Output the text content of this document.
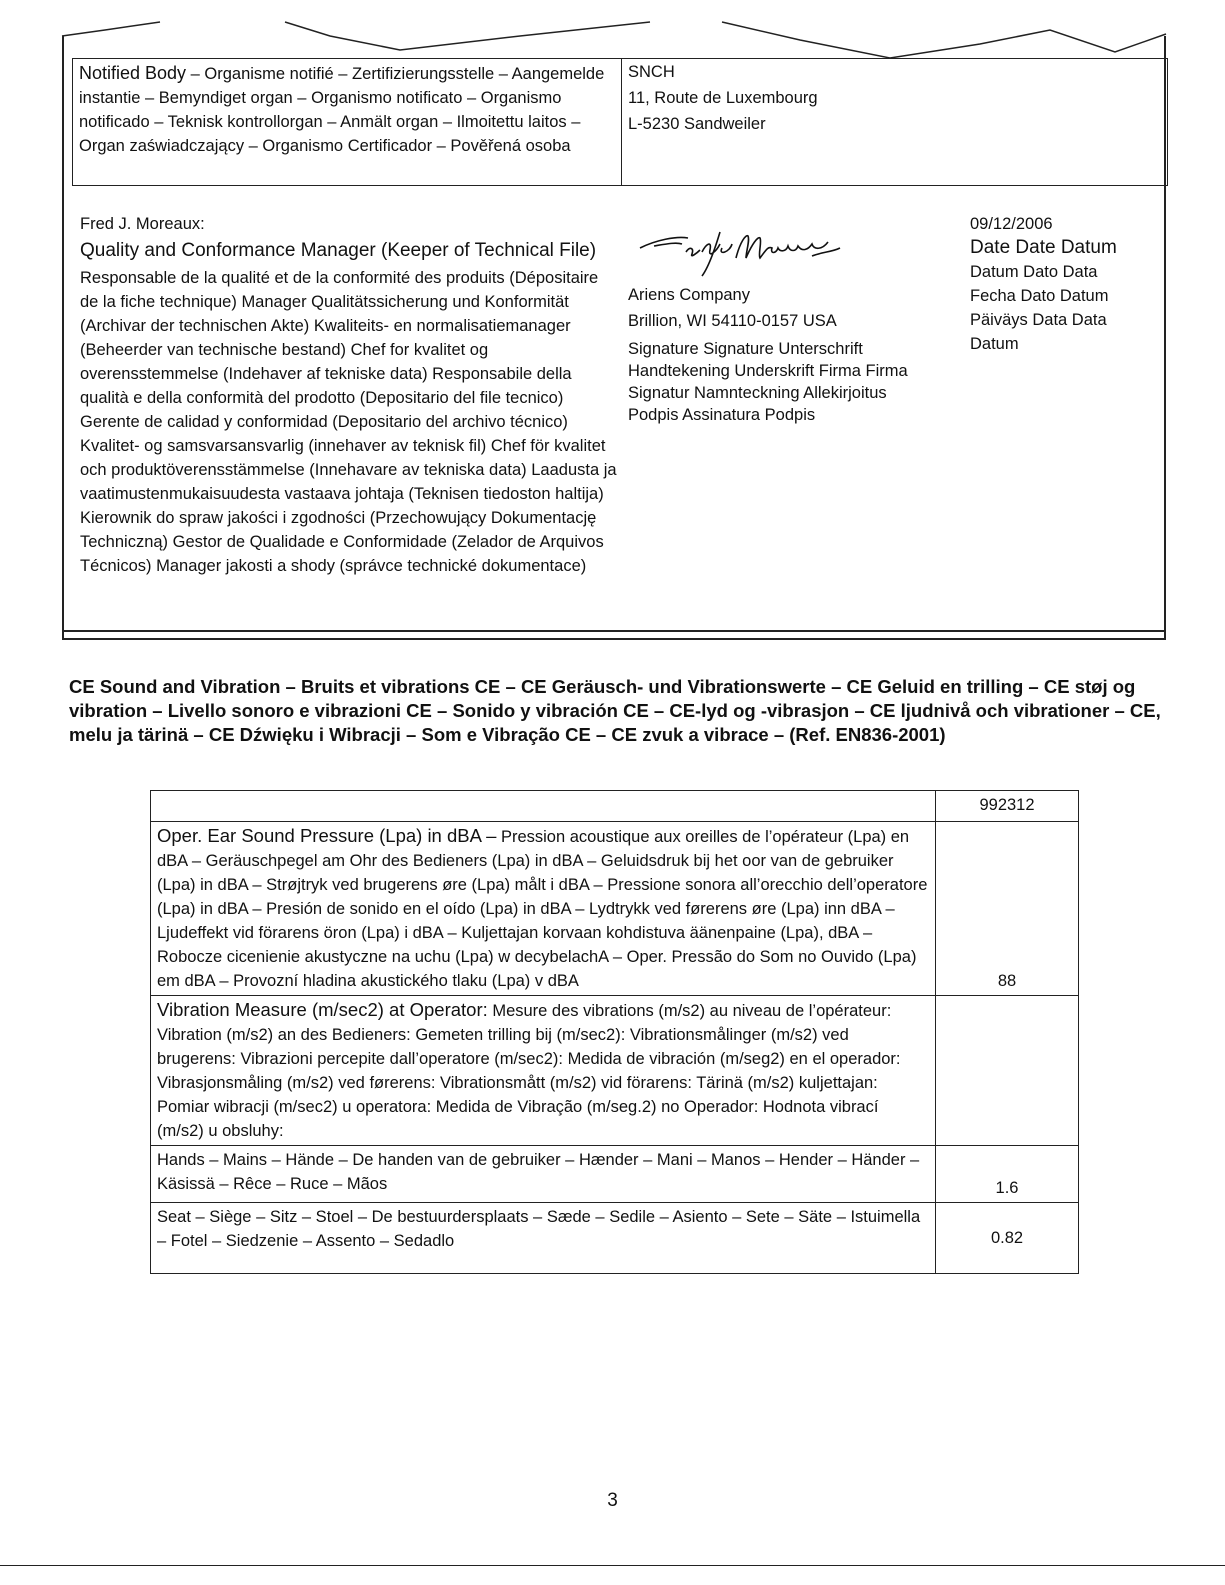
Notified Body – Organisme notifié – Zertifizierungsstelle – Aangemelde instantie – Bemyndiget organ – Organismo notificato – Organismo notificado – Teknisk kontrollorgan – Anmält organ – Ilmoitettu laitos – Organ zaświadczający – Organismo Certificador – Pověřená osoba
SNCH
11, Route de Luxembourg
L-5230 Sandweiler
Fred J. Moreaux:
Quality and Conformance Manager (Keeper of Technical File)
Responsable de la qualité et de la conformité des produits (Dépositaire de la fiche technique) Manager Qualitätssicherung und Konformität (Archivar der technischen Akte) Kwaliteits- en normalisatiemanager (Beheerder van technische bestand) Chef for kvalitet og overensstemmelse (Indehaver af tekniske data) Responsabile della qualità e della conformità del prodotto (Depositario del file tecnico) Gerente de calidad y conformidad (Depositario del archivo técnico) Kvalitet- og samsvarsansvarlig (innehaver av teknisk fil) Chef för kvalitet och produktöverensstämmelse (Innehavare av tekniska data) Laadusta ja vaatimustenmukaisuudesta vastaava johtaja (Teknisen tiedoston haltija) Kierownik do spraw jakości i zgodności (Przechowujący Dokumentację Techniczną) Gestor de Qualidade e Conformidade (Zelador de Arquivos Técnicos) Manager jakosti a shody (správce technické dokumentace)
Ariens Company
Brillion, WI 54110-0157 USA
Signature Signature Unterschrift
Handtekening Underskrift Firma Firma
Signatur Namnteckning Allekirjoitus
Podpis Assinatura Podpis
09/12/2006
Date Date Datum
Datum Dato Data
Fecha Dato Datum
Päiväys Data Data
Datum
CE Sound and Vibration – Bruits et vibrations CE – CE Geräusch- und Vibrationswerte – CE Geluid en trilling – CE støj og vibration – Livello sonoro e vibrazioni CE – Sonido y vibración CE – CE-lyd og -vibrasjon – CE ljudnivå och vibrationer – CE, melu ja tärinä – CE Dźwięku i Wibracji – Som e Vibração CE – CE zvuk a vibrace – (Ref. EN836-2001)
	992312
Oper. Ear Sound Pressure (Lpa) in dBA – Pression acoustique aux oreilles de l’opérateur (Lpa) en dBA – Geräuschpegel am Ohr des Bedieners (Lpa) in dBA – Geluidsdruk bij het oor van de gebruiker (Lpa) in dBA – Strøjtryk ved brugerens øre (Lpa) målt i dBA – Pressione sonora all’orecchio dell’operatore (Lpa) in dBA – Presión de sonido en el oído (Lpa) in dBA – Lydtrykk ved førerens øre (Lpa) inn dBA – Ljudeffekt vid förarens öron (Lpa) i dBA – Kuljettajan korvaan kohdistuva äänenpaine (Lpa), dBA – Robocze cicenienie akustyczne na uchu (Lpa) w decybelachA – Oper. Pressão do Som no Ouvido (Lpa) em dBA – Provozní hladina akustického tlaku (Lpa) v dBA	88
Vibration Measure (m/sec2) at Operator: Mesure des vibrations (m/s2) au niveau de l’opérateur: Vibration (m/s2) an des Bedieners: Gemeten trilling bij (m/sec2): Vibrationsmålinger (m/s2) ved brugerens: Vibrazioni percepite dall’operatore (m/sec2): Medida de vibración (m/seg2) en el operador: Vibrasjonsmåling (m/s2) ved førerens: Vibrationsmått (m/s2) vid förarens: Tärinä (m/s2) kuljettajan: Pomiar wibracji (m/sec2) u operatora: Medida de Vibração (m/seg.2) no Operador: Hodnota vibrací (m/s2) u obsluhy:	
Hands – Mains – Hände – De handen van de gebruiker – Hænder – Mani – Manos – Hender – Händer – Käsissä – Rêce – Ruce – Mãos	1.6
Seat – Siège – Sitz – Stoel – De bestuurdersplaats – Sæde – Sedile – Asiento – Sete – Säte – Istuimella – Fotel – Siedzenie – Assento – Sedadlo	0.82
3
